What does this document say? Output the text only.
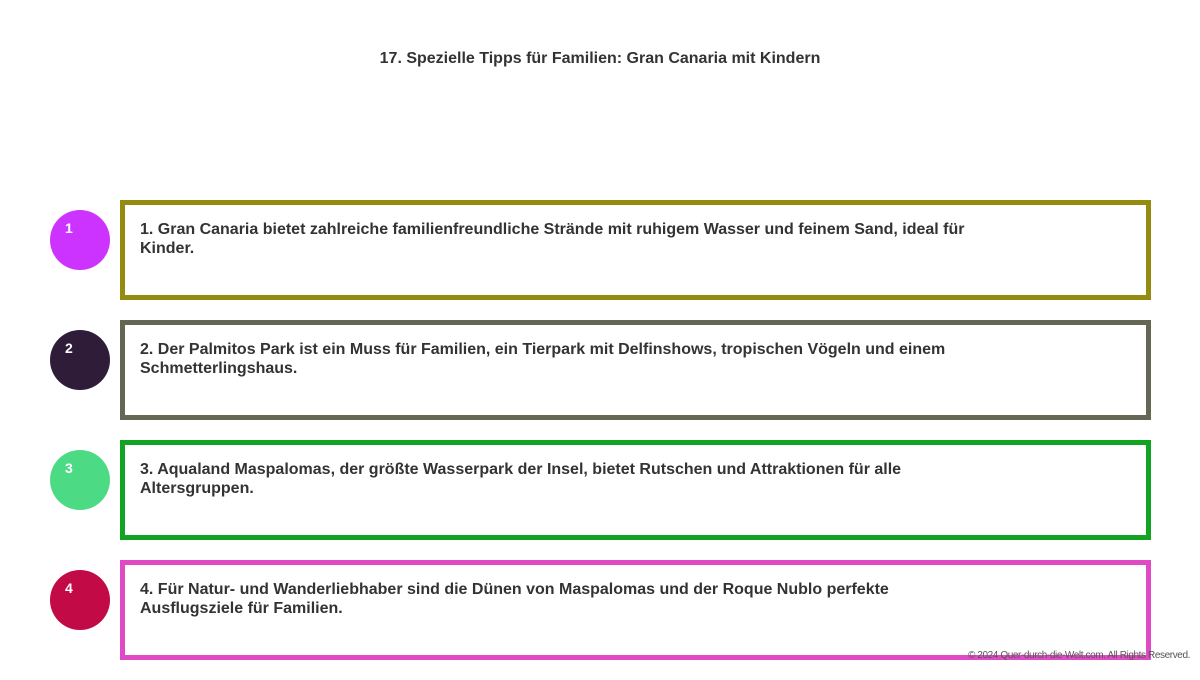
17. Spezielle Tipps für Familien: Gran Canaria mit Kindern
1	1. Gran Canaria bietet zahlreiche familienfreundliche Strände mit ruhigem Wasser und feinem Sand, ideal für Kinder.
2	2. Der Palmitos Park ist ein Muss für Familien, ein Tierpark mit Delfinshows, tropischen Vögeln und einem Schmetterlingshaus.
3	3. Aqualand Maspalomas, der größte Wasserpark der Insel, bietet Rutschen und Attraktionen für alle Altersgruppen.
4	4. Für Natur- und Wanderliebhaber sind die Dünen von Maspalomas und der Roque Nublo perfekte Ausflugsziele für Familien.
© 2024 Quer-durch-die-Welt.com. All Rights Reserved.
